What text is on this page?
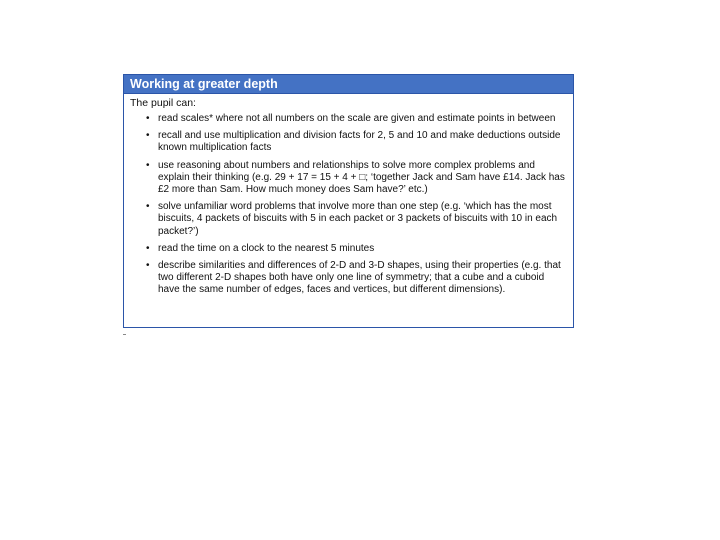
Working at greater depth
The pupil can:
• read scales* where not all numbers on the scale are given and estimate points in between
• recall and use multiplication and division facts for 2, 5 and 10 and make deductions outside known multiplication facts
• use reasoning about numbers and relationships to solve more complex problems and explain their thinking (e.g. 29 + 17 = 15 + 4 + □; ‘together Jack and Sam have £14. Jack has £2 more than Sam. How much money does Sam have?’ etc.)
• solve unfamiliar word problems that involve more than one step (e.g. ‘which has the most biscuits, 4 packets of biscuits with 5 in each packet or 3 packets of biscuits with 10 in each packet?’)
• read the time on a clock to the nearest 5 minutes
• describe similarities and differences of 2-D and 3-D shapes, using their properties (e.g. that two different 2-D shapes both have only one line of symmetry; that a cube and a cuboid have the same number of edges, faces and vertices, but different dimensions).
